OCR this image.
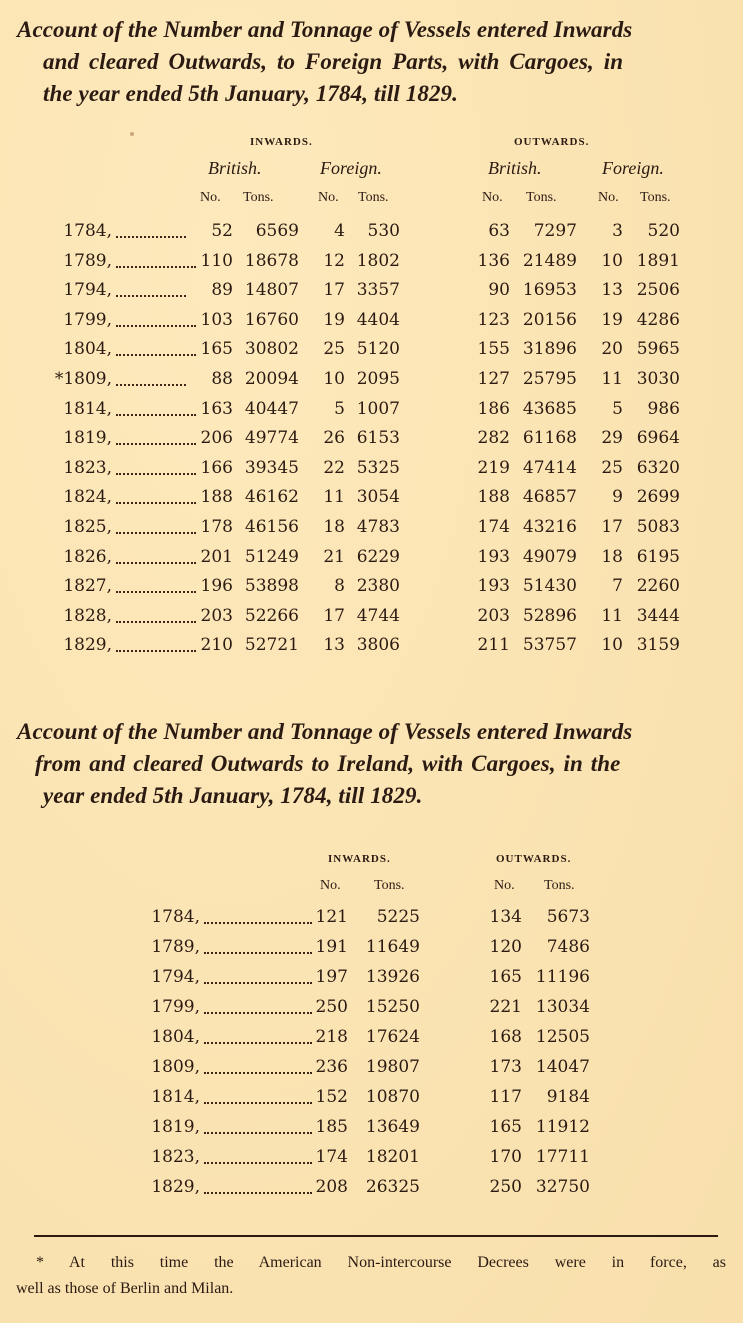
Account of the Number and Tonnage of Vessels entered Inwards
and cleared Outwards, to Foreign Parts, with Cargoes, in
the year ended 5th January, 1784, till 1829.
INWARDS.	OUTWARDS.
British.	Foreign.	British.	Foreign.
No. Tons.	No. Tons.	No. Tons.	No. Tons.
1784,	52	6569	4	530	63	7297	3	520
1789,	110 18678	12 1802	136 21489	10 1891
1794,	89 14807	17 3357	90 16953	13 2506
1799,	103 16760	19 4404	123 20156	19 4286
1804,	165 30802	25 5120	155 31896	20 5965
*1809,	88 20094	10 2095	127 25795	11 3030
1814,	163 40447	5 1007	186 43685	5	986
1819,	206 49774	26 6153	282 61168	29 6964
1823,	166 39345	22 5325	219 47414	25 6320
1824,	188 46162	11 3054	188 46857	9 2699
1825,	178 46156	18 4783	174 43216	17 5083
1826,	201 51249	21 6229	193 49079	18 6195
1827,	196 53898	8 2380	193 51430	7 2260
1828,	203 52266	17 4744	203 52896	11 3444
1829,	210 52721	13 3806	211 53757	10 3159
Account of the Number and Tonnage of Vessels entered Inwards
from and cleared Outwards to Ireland, with Cargoes, in the
year ended 5th January, 1784, till 1829.
INWARDS.	OUTWARDS.
No. Tons.	No. Tons.
1784,	121	5225	134	5673
1789,	191	11649	120	7486
1794,	197	13926	165 11196
1799,	250	15250	221 13034
1804,	218	17624	168 12505
1809,	236	19807	173 14047
1814,	152	10870	117	9184
1819,	185	13649	165 11912
1823,	174	18201	170 17711
1829,	208	26325	250 32750
* At this time the American Non-intercourse Decrees were in force, as
well as those of Berlin and Milan.
